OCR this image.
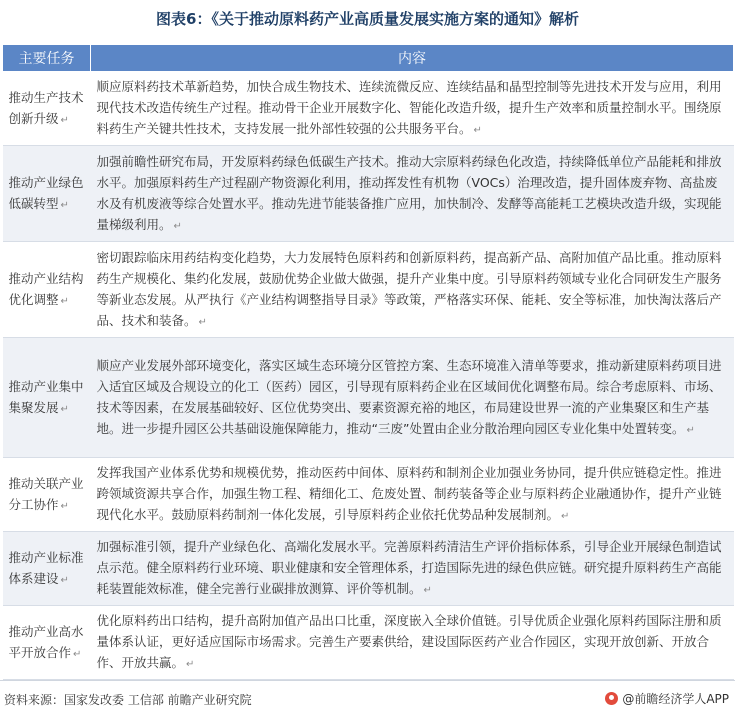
图表6：《关于推动原料药产业高质量发展实施方案的通知》解析
主要任务	内容
推动生产技术创新升级 ↵	顺应原料药技术革新趋势，加快合成生物技术、连续流微反应、连续结晶和晶型控制等先进技术开发与应用，利用现代技术改造传统生产过程。推动骨干企业开展数字化、智能化改造升级，提升生产效率和质量控制水平。围绕原料药生产关键共性技术，支持发展一批外部性较强的公共服务平台。 ↵
推动产业绿色低碳转型 ↵	加强前瞻性研究布局，开发原料药绿色低碳生产技术。推动大宗原料药绿色化改造，持续降低单位产品能耗和排放水平。加强原料药生产过程副产物资源化利用，推动挥发性有机物（VOCs）治理改造，提升固体废弃物、高盐废水及有机废液等综合处置水平。推动先进节能装备推广应用，加快制冷、发酵等高能耗工艺模块改造升级，实现能量梯级利用。 ↵
推动产业结构优化调整 ↵	密切跟踪临床用药结构变化趋势，大力发展特色原料药和创新原料药，提高新产品、高附加值产品比重。推动原料药生产规模化、集约化发展，鼓励优势企业做大做强，提升产业集中度。引导原料药领域专业化合同研发生产服务等新业态发展。从严执行《产业结构调整指导目录》等政策，严格落实环保、能耗、安全等标准，加快淘汰落后产品、技术和装备。 ↵
推动产业集中集聚发展 ↵	顺应产业发展外部环境变化，落实区域生态环境分区管控方案、生态环境准入清单等要求，推动新建原料药项目进入适宜区域及合规设立的化工（医药）园区，引导现有原料药企业在区域间优化调整布局。综合考虑原料、市场、技术等因素，在发展基础较好、区位优势突出、要素资源充裕的地区，布局建设世界一流的产业集聚区和生产基地。进一步提升园区公共基础设施保障能力，推动“三废”处置由企业分散治理向园区专业化集中处置转变。 ↵
推动关联产业分工协作 ↵	发挥我国产业体系优势和规模优势，推动医药中间体、原料药和制剂企业加强业务协同，提升供应链稳定性。推进跨领域资源共享合作，加强生物工程、精细化工、危废处置、制药装备等企业与原料药企业融通协作，提升产业链现代化水平。鼓励原料药制剂一体化发展，引导原料药企业依托优势品种发展制剂。 ↵
推动产业标准体系建设 ↵	加强标准引领，提升产业绿色化、高端化发展水平。完善原料药清洁生产评价指标体系，引导企业开展绿色制造试点示范。健全原料药行业环境、职业健康和安全管理体系，打造国际先进的绿色供应链。研究提升原料药生产高能耗装置能效标准，健全完善行业碳排放测算、评价等机制。 ↵
推动产业高水平开放合作 ↵	优化原料药出口结构，提升高附加值产品出口比重，深度嵌入全球价值链。引导优质企业强化原料药国际注册和质量体系认证，更好适应国际市场需求。完善生产要素供给，建设国际医药产业合作园区，实现开放创新、开放合作、开放共赢。 ↵
资料来源：国家发改委 工信部 前瞻产业研究院	@前瞻经济学人APP
